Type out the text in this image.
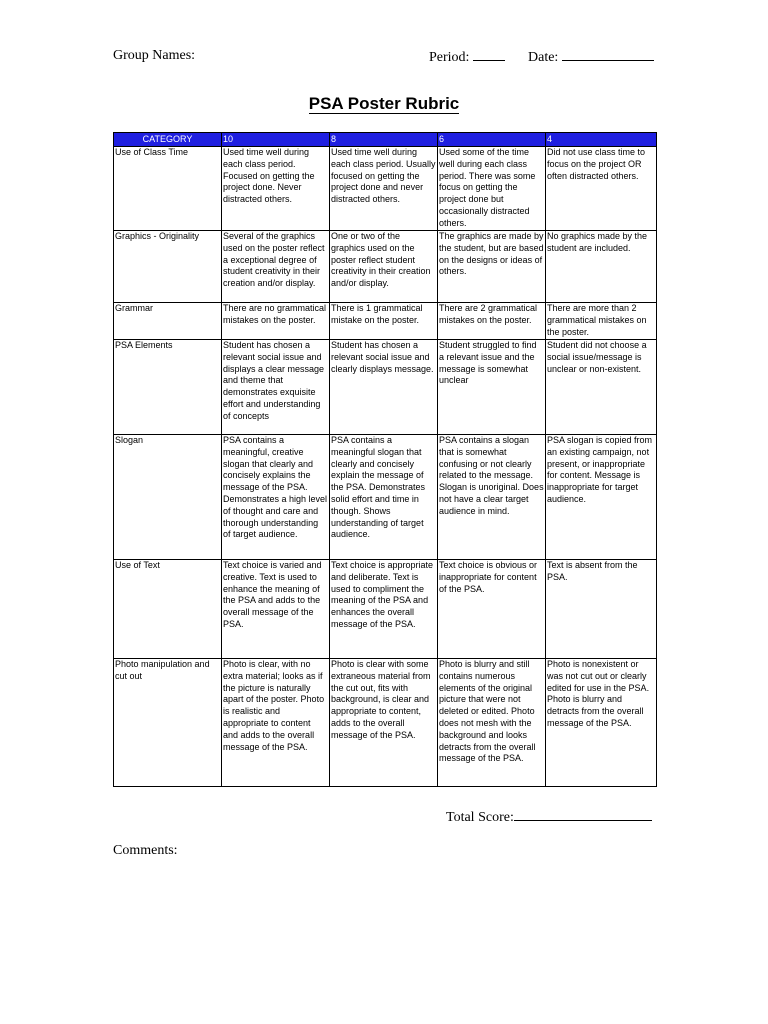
Group Names:	Period:	Date:
PSA Poster Rubric
CATEGORY	10	8	6	4
Use of Class Time	Used time well during each class period. Focused on getting the project done. Never distracted others.	Used time well during each class period. Usually focused on getting the project done and never distracted others.	Used some of the time well during each class period. There was some focus on getting the project done but occasionally distracted others.	Did not use class time to focus on the project OR often distracted others.
Graphics - Originality	Several of the graphics used on the poster reflect a exceptional degree of student creativity in their creation and/or display.	One or two of the graphics used on the poster reflect student creativity in their creation and/or display.	The graphics are made by the student, but are based on the designs or ideas of others.	No graphics made by the student are included.
Grammar	There are no grammatical mistakes on the poster.	There is 1 grammatical mistake on the poster.	There are 2 grammatical mistakes on the poster.	There are more than 2 grammatical mistakes on the poster.
PSA Elements	Student has chosen a relevant social issue and displays a clear message and theme that demonstrates exquisite effort and understanding of concepts	Student has chosen a relevant social issue and clearly displays message.	Student struggled to find a relevant issue and the message is somewhat unclear	Student did not choose a social issue/message is unclear or non-existent.
Slogan	PSA contains a meaningful, creative slogan that clearly and concisely explains the message of the PSA. Demonstrates a high level of thought and care and thorough understanding of target audience.	PSA contains a meaningful slogan that clearly and concisely explain the message of the PSA. Demonstrates solid effort and time in though. Shows understanding of target audience.	PSA contains a slogan that is somewhat confusing or not clearly related to the message. Slogan is unoriginal. Does not have a clear target audience in mind.	PSA slogan is copied from an existing campaign, not present, or inappropriate for content. Message is inappropriate for target audience.
Use of Text	Text choice is varied and creative. Text is used to enhance the meaning of the PSA and adds to the overall message of the PSA.	Text choice is appropriate and deliberate. Text is used to compliment the meaning of the PSA and enhances the overall message of the PSA.	Text choice is obvious or inappropriate for content of the PSA.	Text is absent from the PSA.
Photo manipulation and cut out	Photo is clear, with no extra material; looks as if the picture is naturally apart of the poster. Photo is realistic and appropriate to content and adds to the overall message of the PSA.	Photo is clear with some extraneous material from the cut out, fits with background, is clear and appropriate to content, adds to the overall message of the PSA.	Photo is blurry and still contains numerous elements of the original picture that were not deleted or edited. Photo does not mesh with the background and looks detracts from the overall message of the PSA.	Photo is nonexistent or was not cut out or clearly edited for use in the PSA. Photo is blurry and detracts from the overall message of the PSA.
Total Score:
Comments:
